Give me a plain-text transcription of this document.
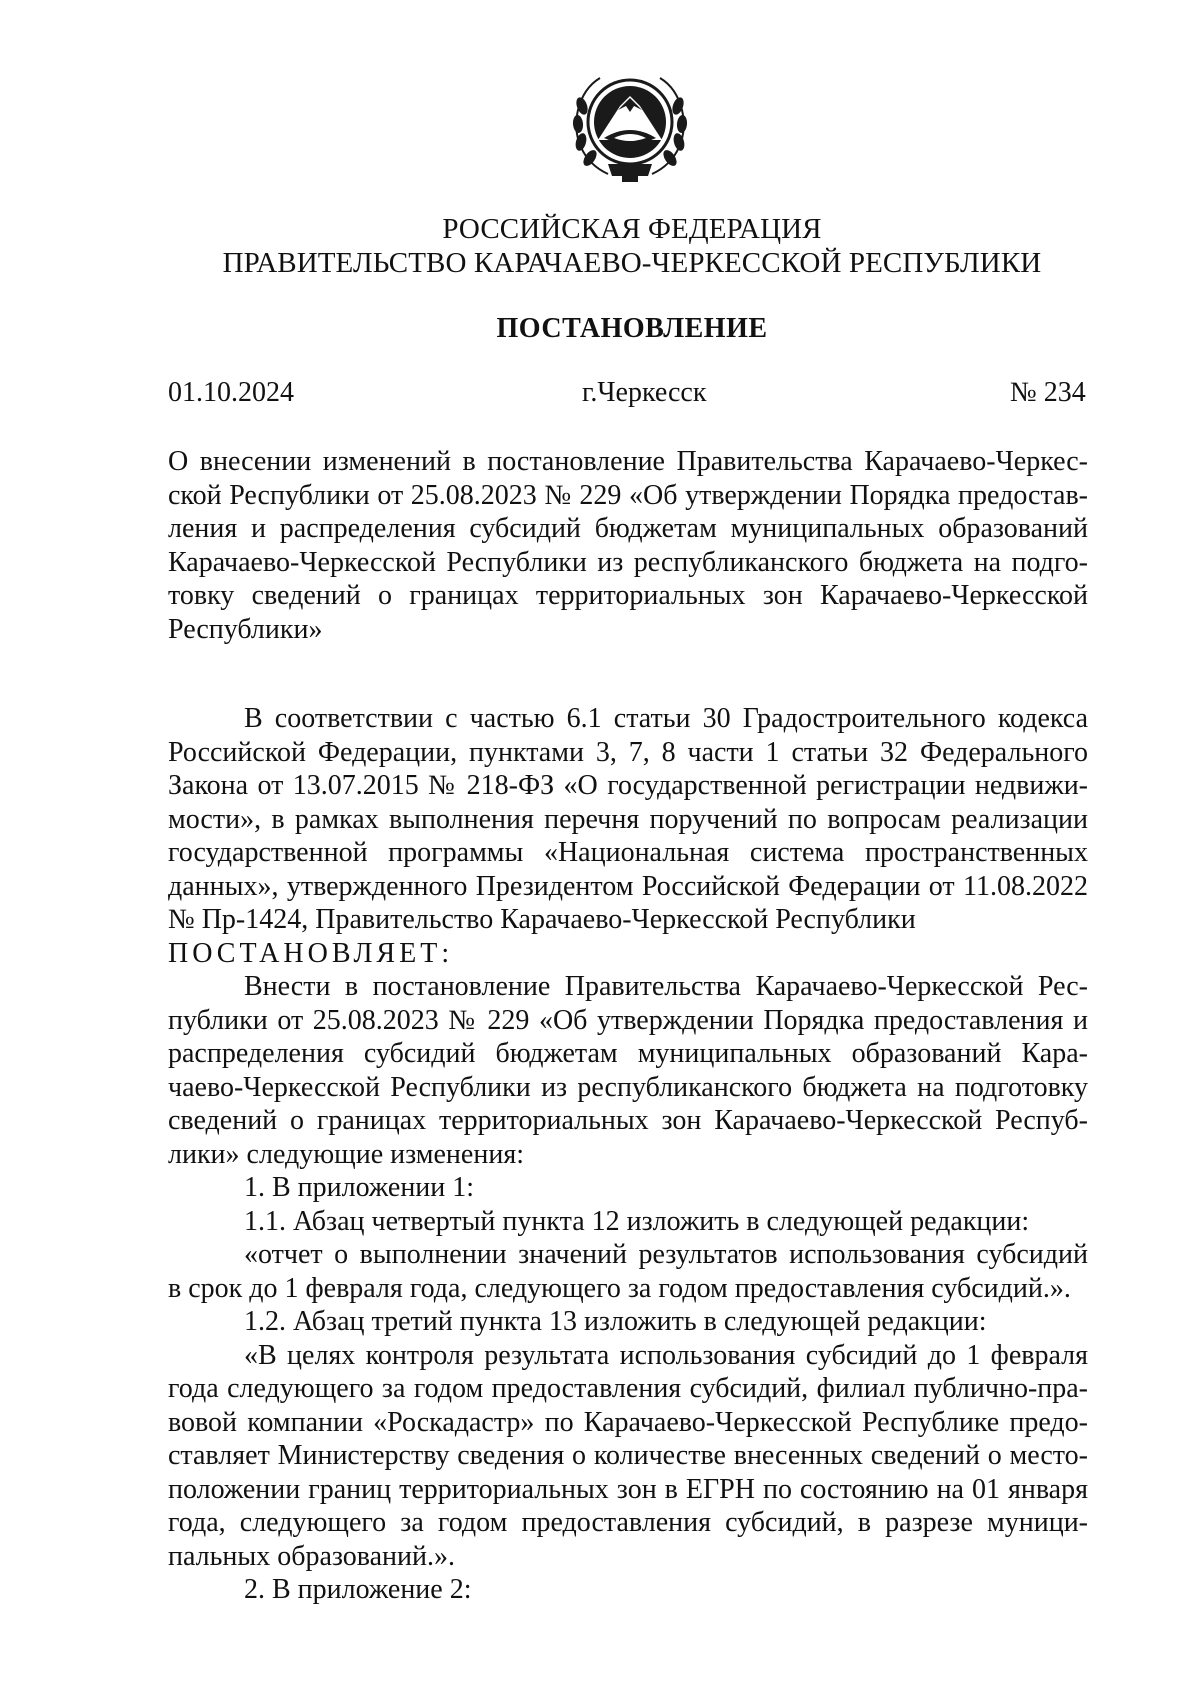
РОССИЙСКАЯ ФЕДЕРАЦИЯ
ПРАВИТЕЛЬСТВО КАРАЧАЕВО-ЧЕРКЕССКОЙ РЕСПУБЛИКИ
ПОСТАНОВЛЕНИЕ
01.10.2024	г.Черкесск	№ 234
О внесении изменений в постановление Правительства Карачаево-Черкес-
ской Республики от 25.08.2023 № 229 «Об утверждении Порядка предостав-
ления и распределения субсидий бюджетам муниципальных образований
Карачаево-Черкесской Республики из республиканского бюджета на подго-
товку сведений о границах территориальных зон Карачаево-Черкесской
Республики»
В соответствии с частью 6.1 статьи 30 Градостроительного кодекса
Российской Федерации, пунктами 3, 7, 8 части 1 статьи 32 Федерального
Закона от 13.07.2015 № 218-ФЗ «О государственной регистрации недвижи-
мости», в рамках выполнения перечня поручений по вопросам реализации
государственной программы «Национальная система пространственных
данных», утвержденного Президентом Российской Федерации от 11.08.2022
№ Пр-1424, Правительство Карачаево-Черкесской Республики
ПОСТАНОВЛЯЕТ:
Внести в постановление Правительства Карачаево-Черкесской Рес-
публики от 25.08.2023 № 229 «Об утверждении Порядка предоставления и
распределения субсидий бюджетам муниципальных образований Кара-
чаево-Черкесской Республики из республиканского бюджета на подготовку
сведений о границах территориальных зон Карачаево-Черкесской Респуб-
лики» следующие изменения:
1. В приложении 1:
1.1. Абзац четвертый пункта 12 изложить в следующей редакции:
«отчет о выполнении значений результатов использования субсидий
в срок до 1 февраля года, следующего за годом предоставления субсидий.».
1.2. Абзац третий пункта 13 изложить в следующей редакции:
«В целях контроля результата использования субсидий до 1 февраля
года следующего за годом предоставления субсидий, филиал публично-пра-
вовой компании «Роскадастр» по Карачаево-Черкесской Республике предо-
ставляет Министерству сведения о количестве внесенных сведений о место-
положении границ территориальных зон в ЕГРН по состоянию на 01 января
года, следующего за годом предоставления субсидий, в разрезе муници-
пальных образований.».
2. В приложение 2:
